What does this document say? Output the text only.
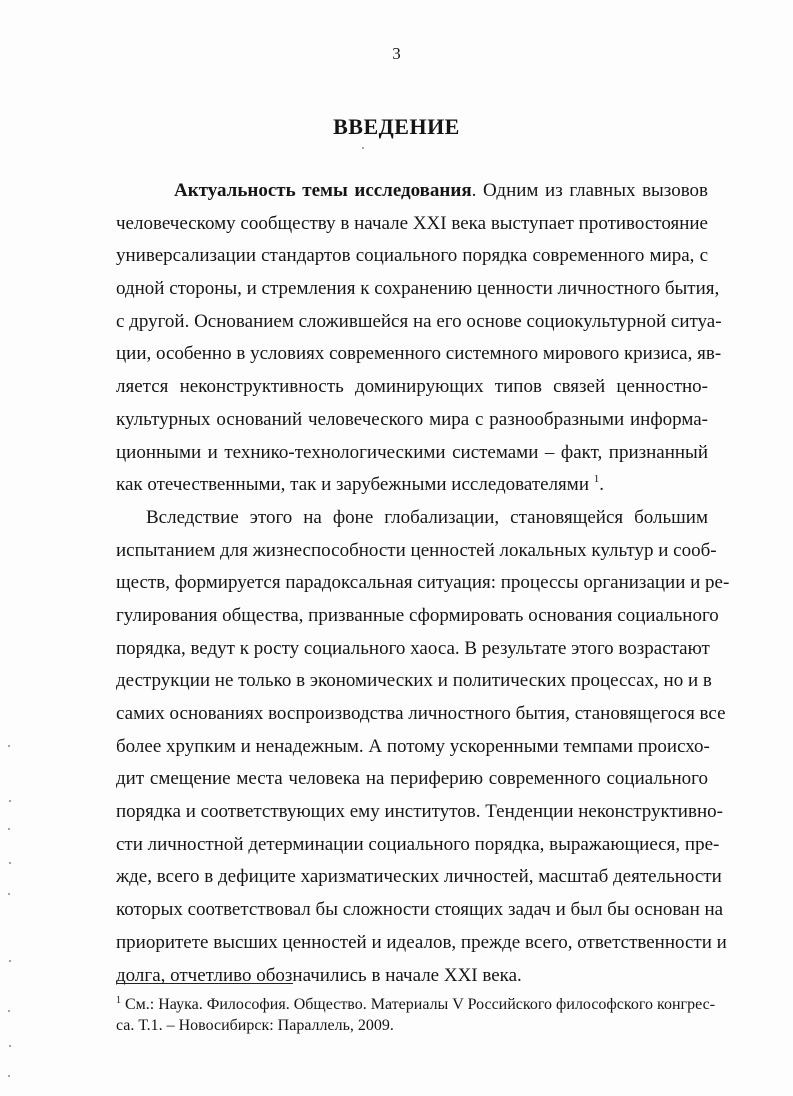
3
ВВЕДЕНИЕ
Актуальность темы исследования. Одним из главных вызовов
человеческому сообществу в начале XXI века выступает противостояние
универсализации стандартов социального порядка современного мира, с
одной стороны, и стремления к сохранению ценности личностного бытия,
с другой. Основанием сложившейся на его основе социокультурной ситуа-
ции, особенно в условиях современного системного мирового кризиса, яв-
ляется неконструктивность доминирующих типов связей ценностно-
культурных оснований человеческого мира с разнообразными информа-
ционными и технико-технологическими системами – факт, признанный
как отечественными, так и зарубежными исследователями $^1$.
Вследствие этого на фоне глобализации, становящейся большим
испытанием для жизнеспособности ценностей локальных культур и сооб-
ществ, формируется парадоксальная ситуация: процессы организации и ре-
гулирования общества, призванные сформировать основания социального
порядка, ведут к росту социального хаоса. В результате этого возрастают
деструкции не только в экономических и политических процессах, но и в
самих основаниях воспроизводства личностного бытия, становящегося все
более хрупким и ненадежным. А потому ускоренными темпами происхо-
дит смещение места человека на периферию современного социального
порядка и соответствующих ему институтов. Тенденции неконструктивно-
сти личностной детерминации социального порядка, выражающиеся, пре-
жде, всего в дефиците харизматических личностей, масштаб деятельности
которых соответствовал бы сложности стоящих задач и был бы основан на
приоритете высших ценностей и идеалов, прежде всего, ответственности и
долга, отчетливо обозначились в начале XXI века.
$^1$ См.: Наука. Философия. Общество. Материалы V Российского философского конгрес-
са. Т.1. – Новосибирск: Параллель, 2009.
